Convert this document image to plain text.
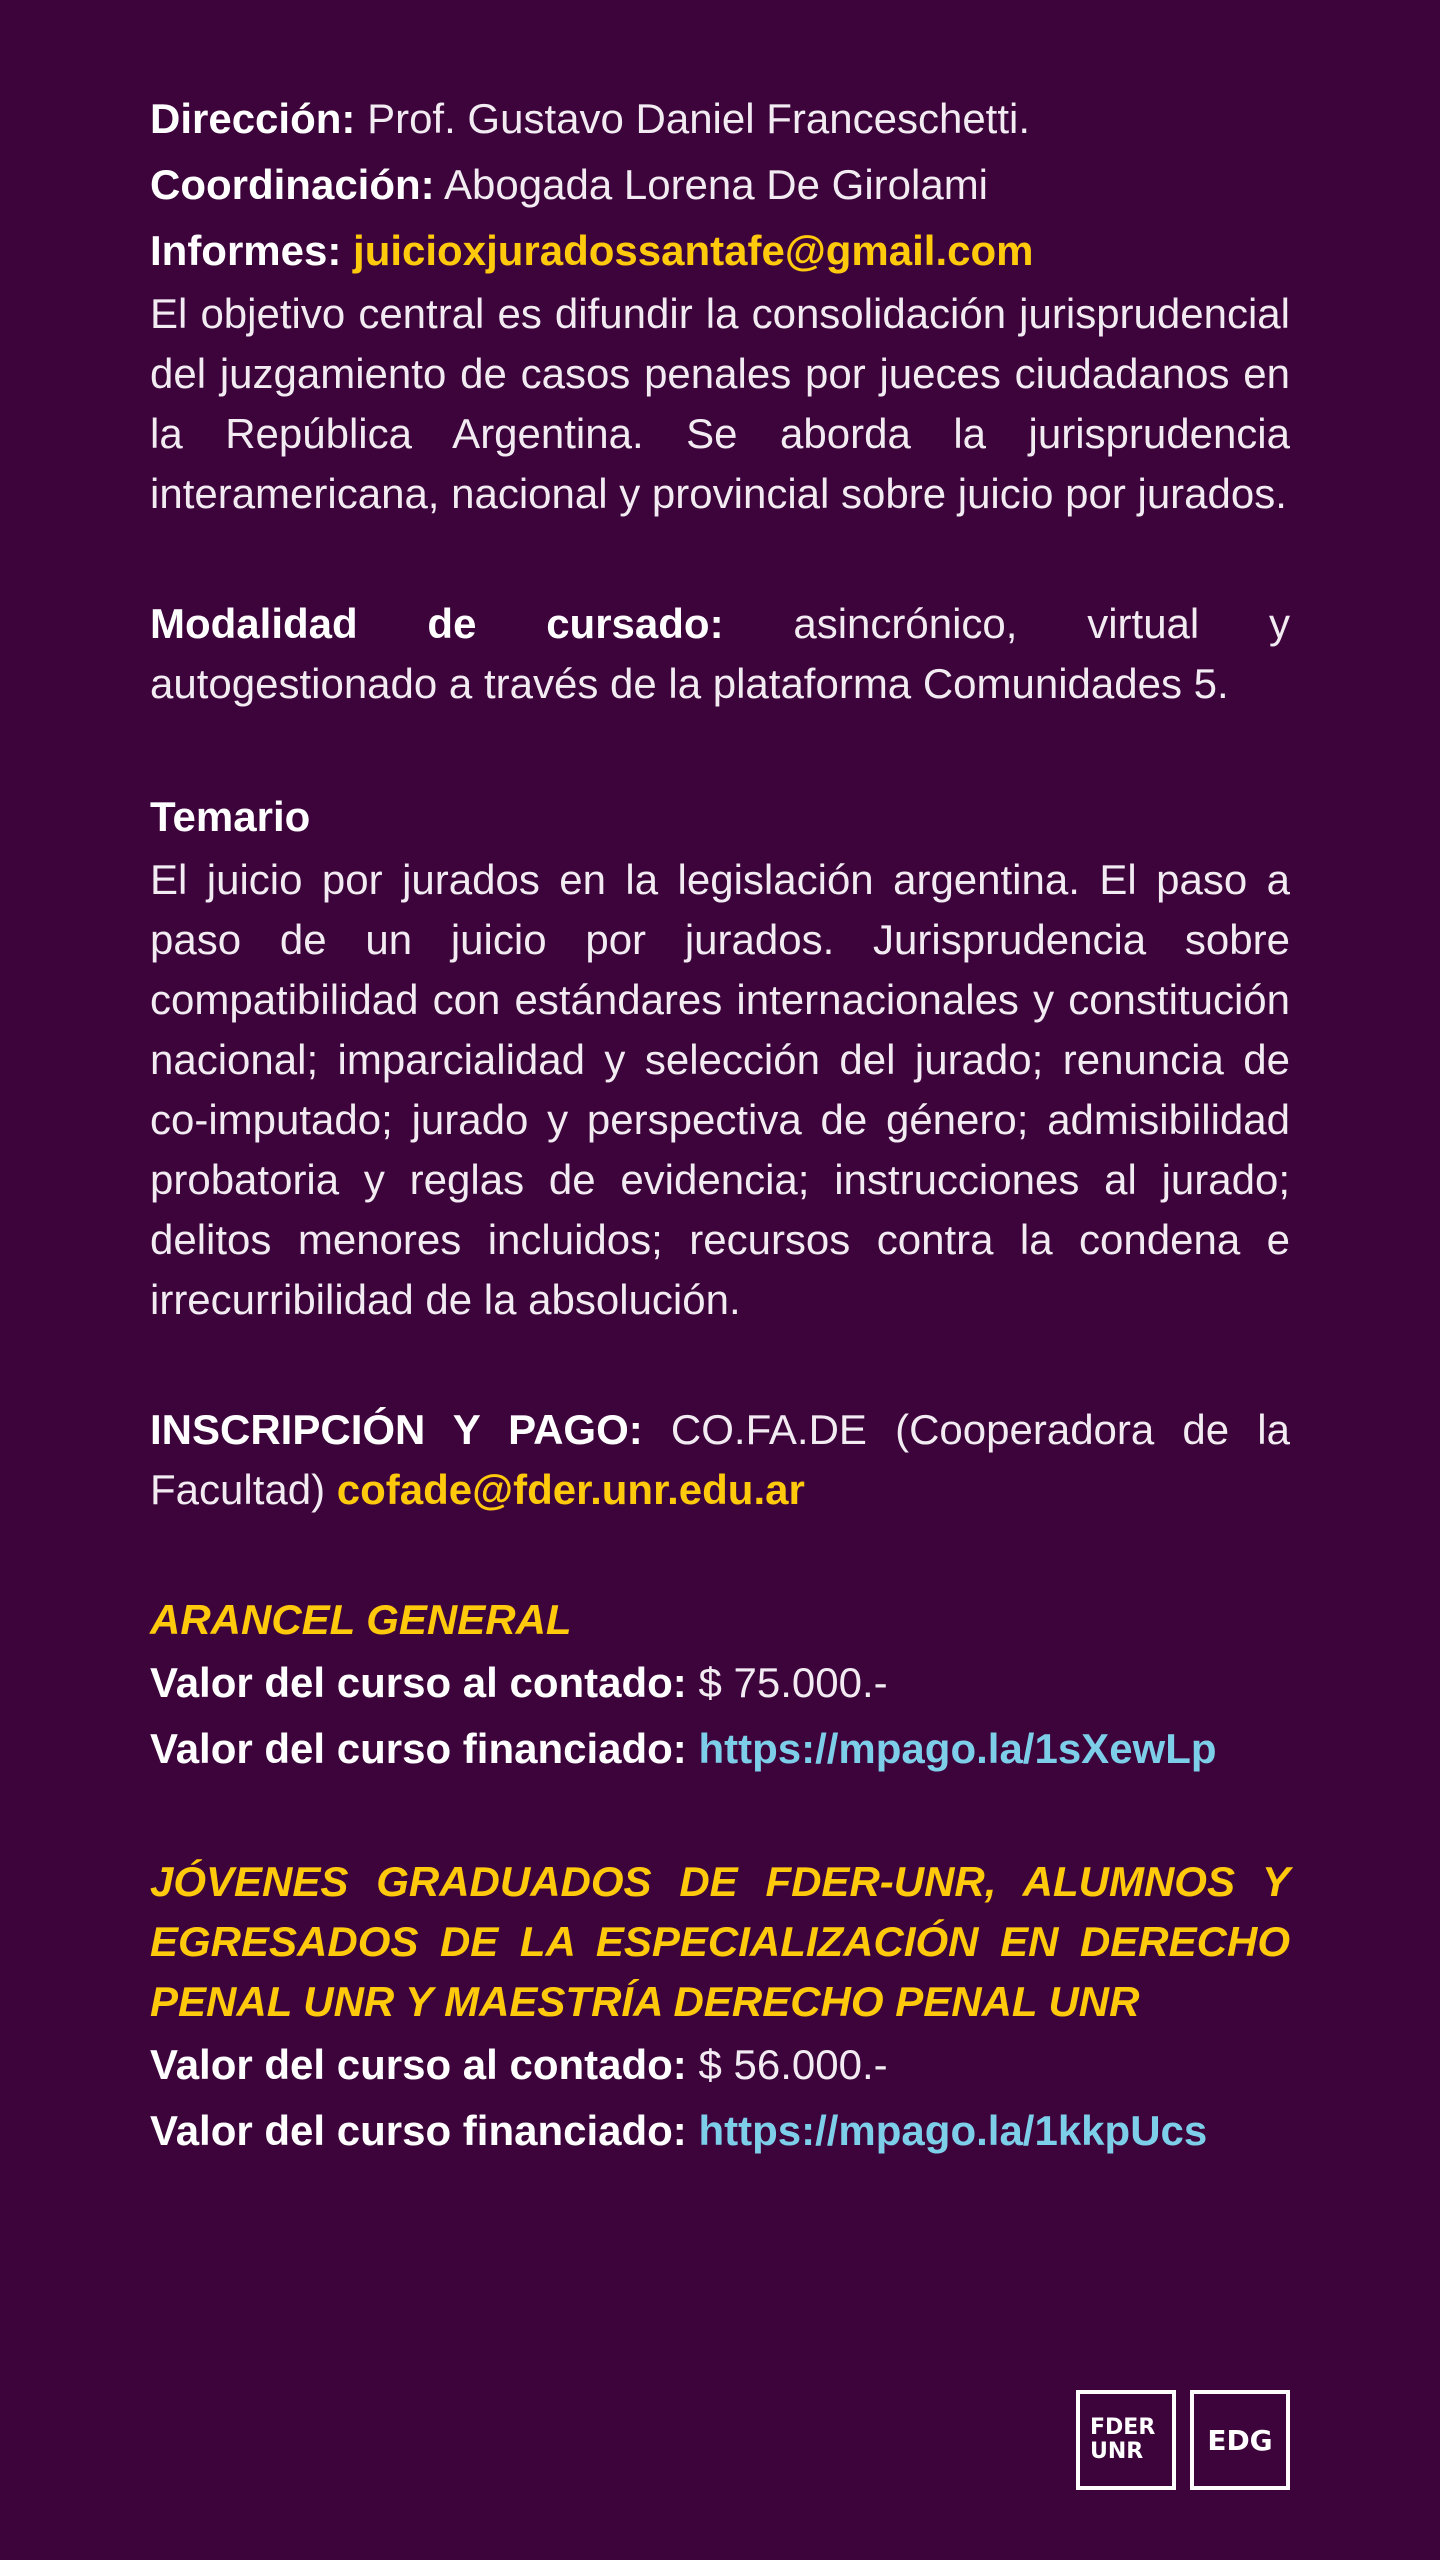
Dirección: Prof. Gustavo Daniel Franceschetti.

Coordinación: Abogada Lorena De Girolami

Informes: juicioxjuradossantafe@gmail.com

El objetivo central es difundir la consolidación jurisprudencial del juzgamiento de casos penales por jueces ciudadanos en la República Argentina. Se aborda la jurisprudencia interamericana, nacional y provincial sobre juicio por jurados.

Modalidad de cursado: asincrónico, virtual y autogestionado a través de la plataforma Comunidades 5.

Temario

El juicio por jurados en la legislación argentina. El paso a paso de un juicio por jurados. Jurisprudencia sobre compatibilidad con estándares internacionales y constitución nacional; imparcialidad y selección del jurado; renuncia de co-imputado; jurado y perspectiva de género; admisibilidad probatoria y reglas de evidencia; instrucciones al jurado; delitos menores incluidos; recursos contra la condena e irrecurribilidad de la absolución.

INSCRIPCIÓN Y PAGO: CO.FA.DE (Cooperadora de la Facultad) cofade@fder.unr.edu.ar

ARANCEL GENERAL

Valor del curso al contado: $ 75.000.-

Valor del curso financiado: https://mpago.la/1sXewLp

JÓVENES GRADUADOS DE FDER-UNR, ALUMNOS Y EGRESADOS DE LA ESPECIALIZACIÓN EN DERECHO PENAL UNR Y MAESTRÍA DERECHO PENAL UNR

Valor del curso al contado: $ 56.000.-

Valor del curso financiado: https://mpago.la/1kkpUcs

FDER
UNR EDG
